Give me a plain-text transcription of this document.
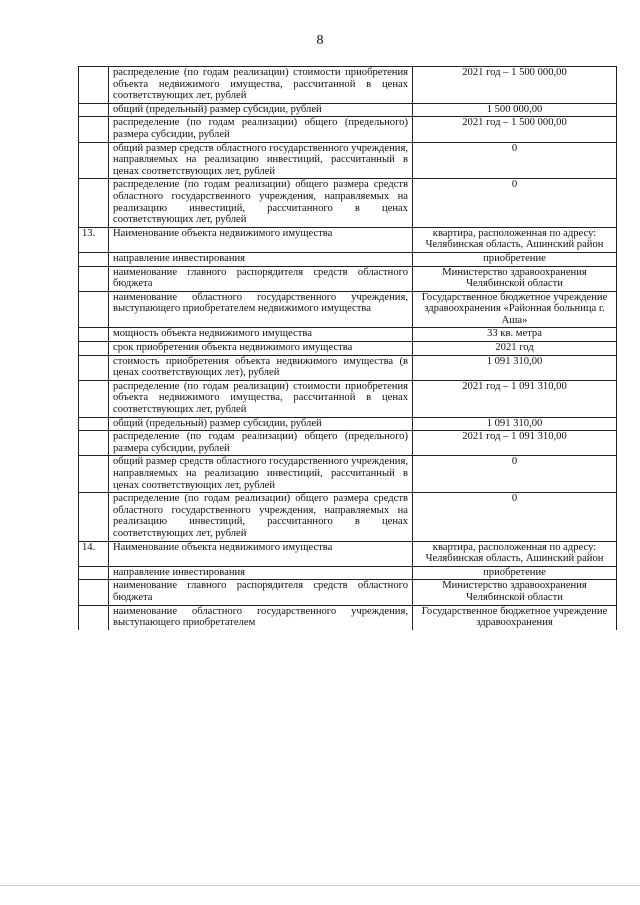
8
	распределение (по годам реализации) стоимости приобретения объекта недвижимого имущества, рассчитанной в ценах соответствующих лет, рублей	2021 год – 1 500 000,00
	общий (предельный) размер субсидии, рублей	1 500 000,00
	распределение (по годам реализации) общего (предельного) размера субсидии, рублей	2021 год – 1 500 000,00
	общий размер средств областного государственного учреждения, направляемых на реализацию инвестиций, рассчитанный в ценах соответствующих лет, рублей	0
	распределение (по годам реализации) общего размера средств областного государственного учреждения, направляемых на реализацию инвестиций, рассчитанного в ценах соответствующих лет, рублей	0
13.	Наименование объекта недвижимого имущества	квартира, расположенная по адресу: Челябинская область, Ашинский район
	направление инвестирования	приобретение
	наименование главного распорядителя средств областного бюджета	Министерство здравоохранения Челябинской области
	наименование областного государственного учреждения, выступающего приобретателем недвижимого имущества	Государственное бюджетное учреждение здравоохранения «Районная больница г. Аша»
	мощность объекта недвижимого имущества	33 кв. метра
	срок приобретения объекта недвижимого имущества	2021 год
	стоимость приобретения объекта недвижимого имущества (в ценах соответствующих лет), рублей	1 091 310,00
	распределение (по годам реализации) стоимости приобретения объекта недвижимого имущества, рассчитанной в ценах соответствующих лет, рублей	2021 год – 1 091 310,00
	общий (предельный) размер субсидии, рублей	1 091 310,00
	распределение (по годам реализации) общего (предельного) размера субсидии, рублей	2021 год – 1 091 310,00
	общий размер средств областного государственного учреждения, направляемых на реализацию инвестиций, рассчитанный в ценах соответствующих лет, рублей	0
	распределение (по годам реализации) общего размера средств областного государственного учреждения, направляемых на реализацию инвестиций, рассчитанного в ценах соответствующих лет, рублей	0
14.	Наименование объекта недвижимого имущества	квартира, расположенная по адресу: Челябинская область, Ашинский район
	направление инвестирования	приобретение
	наименование главного распорядителя средств областного бюджета	Министерство здравоохранения Челябинской области
	наименование областного государственного учреждения, выступающего приобретателем	Государственное бюджетное учреждение здравоохранения
